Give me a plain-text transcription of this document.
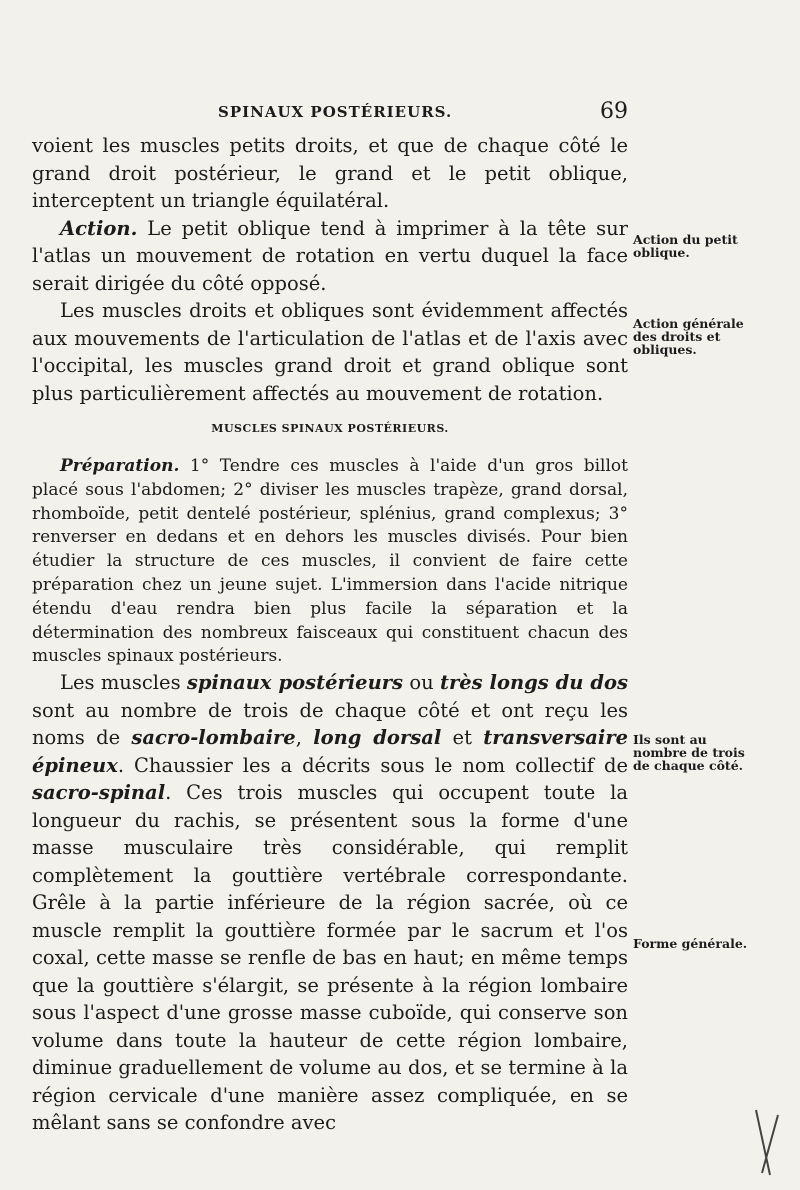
SPINAUX POSTÉRIEURS.	69

voient les muscles petits droits, et que de chaque côté le grand droit postérieur, le grand et le petit oblique, interceptent un triangle équilatéral.

Action. Le petit oblique tend à imprimer à la tête sur l'atlas un mouvement de rotation en vertu duquel la face serait dirigée du côté opposé.

Les muscles droits et obliques sont évidemment affectés aux mouvements de l'articulation de l'atlas et de l'axis avec l'occipital, les muscles grand droit et grand oblique sont plus particulièrement affectés au mouvement de rotation.

MUSCLES SPINAUX POSTÉRIEURS.

Préparation. 1° Tendre ces muscles à l'aide d'un gros billot placé sous l'abdomen; 2° diviser les muscles trapèze, grand dorsal, rhomboïde, petit dentelé postérieur, splénius, grand complexus; 3° renverser en dedans et en dehors les muscles divisés. Pour bien étudier la structure de ces muscles, il convient de faire cette préparation chez un jeune sujet. L'immersion dans l'acide nitrique étendu d'eau rendra bien plus facile la séparation et la détermination des nombreux faisceaux qui constituent chacun des muscles spinaux postérieurs.

Les muscles spinaux postérieurs ou très longs du dos sont au nombre de trois de chaque côté et ont reçu les noms de sacro-lombaire, long dorsal et transversaire épineux. Chaussier les a décrits sous le nom collectif de sacro-spinal. Ces trois muscles qui occupent toute la longueur du rachis, se présentent sous la forme d'une masse musculaire très considérable, qui remplit complètement la gouttière vertébrale correspondante. Grêle à la partie inférieure de la région sacrée, où ce muscle remplit la gouttière formée par le sacrum et l'os coxal, cette masse se renfle de bas en haut; en même temps que la gouttière s'élargit, se présente à la région lombaire sous l'aspect d'une grosse masse cuboïde, qui conserve son volume dans toute la hauteur de cette région lombaire, diminue graduellement de volume au dos, et se termine à la région cervicale d'une manière assez compliquée, en se mêlant sans se confondre avec

Action du petit oblique.
Action générale des droits et obliques.
Ils sont au nombre de trois de chaque côté.
Forme générale.
